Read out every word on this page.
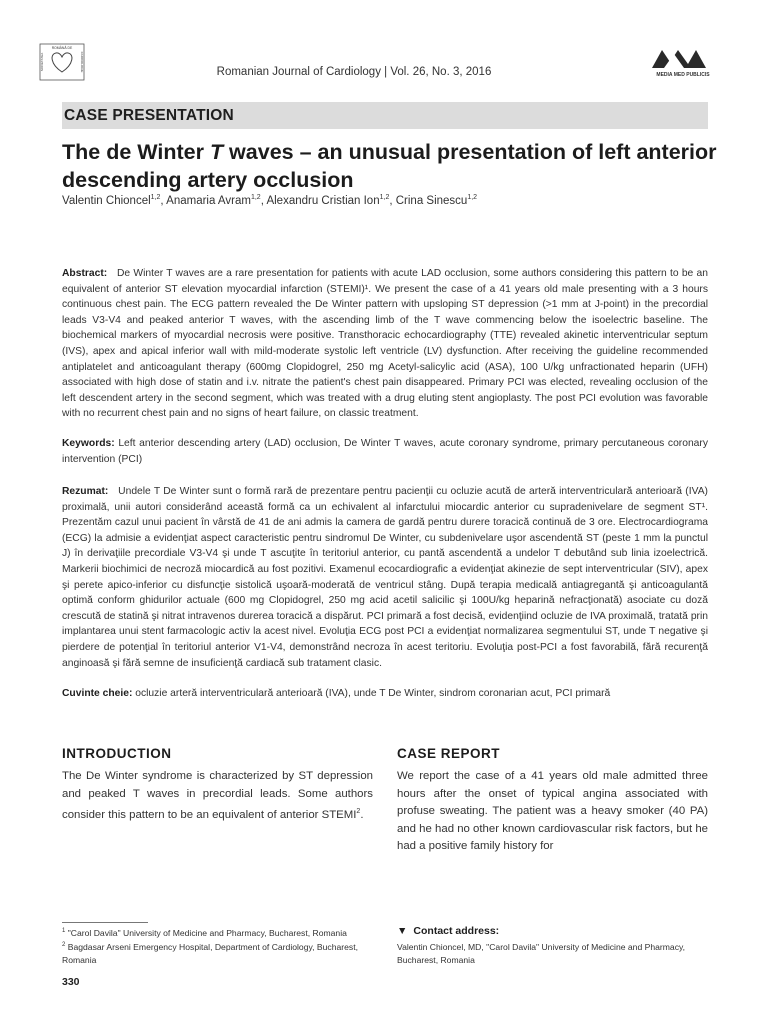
ROMÂNĂ DE
SOCIETATEA	CARDIOLOGIE	Romanian Journal of Cardiology | Vol. 26, No. 3, 2016	MEDIA MED PUBLICIS
CASE PRESENTATION
The de Winter T waves – an unusual presentation of left anterior descending artery occlusion
Valentin Chioncel$^{1,2}$, Anamaria Avram$^{1,2}$, Alexandru Cristian Ion$^{1,2}$, Crina Sinescu$^{1,2}$
Abstract: De Winter T waves are a rare presentation for patients with acute LAD occlusion, some authors considering this pattern to be an equivalent of anterior ST elevation myocardial infarction (STEMI)¹. We present the case of a 41 years old male presenting with a 3 hours continuous chest pain. The ECG pattern revealed the De Winter pattern with upsloping ST depression (>1 mm at J-point) in the precordial leads V3-V4 and peaked anterior T waves, with the ascending limb of the T wave commencing below the isoelectric baseline. The biochemical markers of myocardial necrosis were positive. Transthoracic echocardiography (TTE) revealed akinetic interventricular septum (IVS), apex and apical inferior wall with mild-moderate systolic left ventricle (LV) dysfunction. After receiving the guideline recommended antiplatelet and anticoagulant therapy (600mg Clopidogrel, 250 mg Acetyl-salicylic acid (ASA), 100 U/kg unfractionated heparin (UFH) associated with high dose of statin and i.v. nitrate the patient's chest pain disappeared. Primary PCI was elected, revealing occlusion of the left descendent artery in the second segment, which was treated with a drug eluting stent angioplasty. The post PCI evolution was favorable with no recurrent chest pain and no signs of heart failure, on classic treatment.
Keywords: Left anterior descending artery (LAD) occlusion, De Winter T waves, acute coronary syndrome, primary percutaneous coronary intervention (PCI)
Rezumat: Undele T De Winter sunt o formă rară de prezentare pentru pacienţii cu ocluzie acută de arteră interventriculară anterioară (IVA) proximală, unii autori considerând această formă ca un echivalent al infarctului miocardic anterior cu supradenivelare de segment ST¹. Prezentăm cazul unui pacient în vârstă de 41 de ani admis la camera de gardă pentru durere toracică continuă de 3 ore. Electrocardiograma (ECG) la admisie a evidenţiat aspect caracteristic pentru sindromul De Winter, cu subdenivelare uşor ascendentă ST (peste 1 mm la punctul J) în derivaţiile precordiale V3-V4 şi unde T ascuţite în teritoriul anterior, cu pantă ascendentă a undelor T debutând sub linia izoelectrică. Markerii biochimici de necroză miocardică au fost pozitivi. Examenul ecocardiografic a evidenţiat akinezie de sept interventricular (SIV), apex şi perete apico-inferior cu disfuncţie sistolică uşoară-moderată de ventricul stâng. După terapia medicală antiagregantă şi anticoagulantă optimă conform ghidurilor actuale (600 mg Clopidogrel, 250 mg acid acetil salicilic şi 100U/kg heparină nefracţionată) asociate cu doză crescută de statină şi nitrat intravenos durerea toracică a dispărut. PCI primară a fost decisă, evidenţiind ocluzie de IVA proximală, tratată prin implantarea unui stent farmacologic activ la acest nivel. Evoluţia ECG post PCI a evidenţiat normalizarea segmentului ST, unde T negative şi pierdere de potenţial în teritoriul anterior V1-V4, demonstrând necroza în acest teritoriu. Evoluţia post-PCI a fost favorabilă, fără recurenţă anginoasă şi fără semne de insuficienţă cardiacă sub tratament clasic.
Cuvinte cheie: ocluzie arteră interventriculară anterioară (IVA), unde T De Winter, sindrom coronarian acut, PCI primară
INTRODUCTION
The De Winter syndrome is characterized by ST depression and peaked T waves in precordial leads. Some authors consider this pattern to be an equivalent of anterior STEMI$^2$.
CASE REPORT
We report the case of a 41 years old male admitted three hours after the onset of typical angina associated with profuse sweating. The patient was a heavy smoker (40 PA) and he had no other known cardiovascular risk factors, but he had a positive family history for
$^1$ "Carol Davila" University of Medicine and Pharmacy, Bucharest, Romania
$^2$ Bagdasar Arseni Emergency Hospital, Department of Cardiology, Bucharest, Romania
▼ Contact address:
Valentin Chioncel, MD, "Carol Davila" University of Medicine and Pharmacy, Bucharest, Romania
330
